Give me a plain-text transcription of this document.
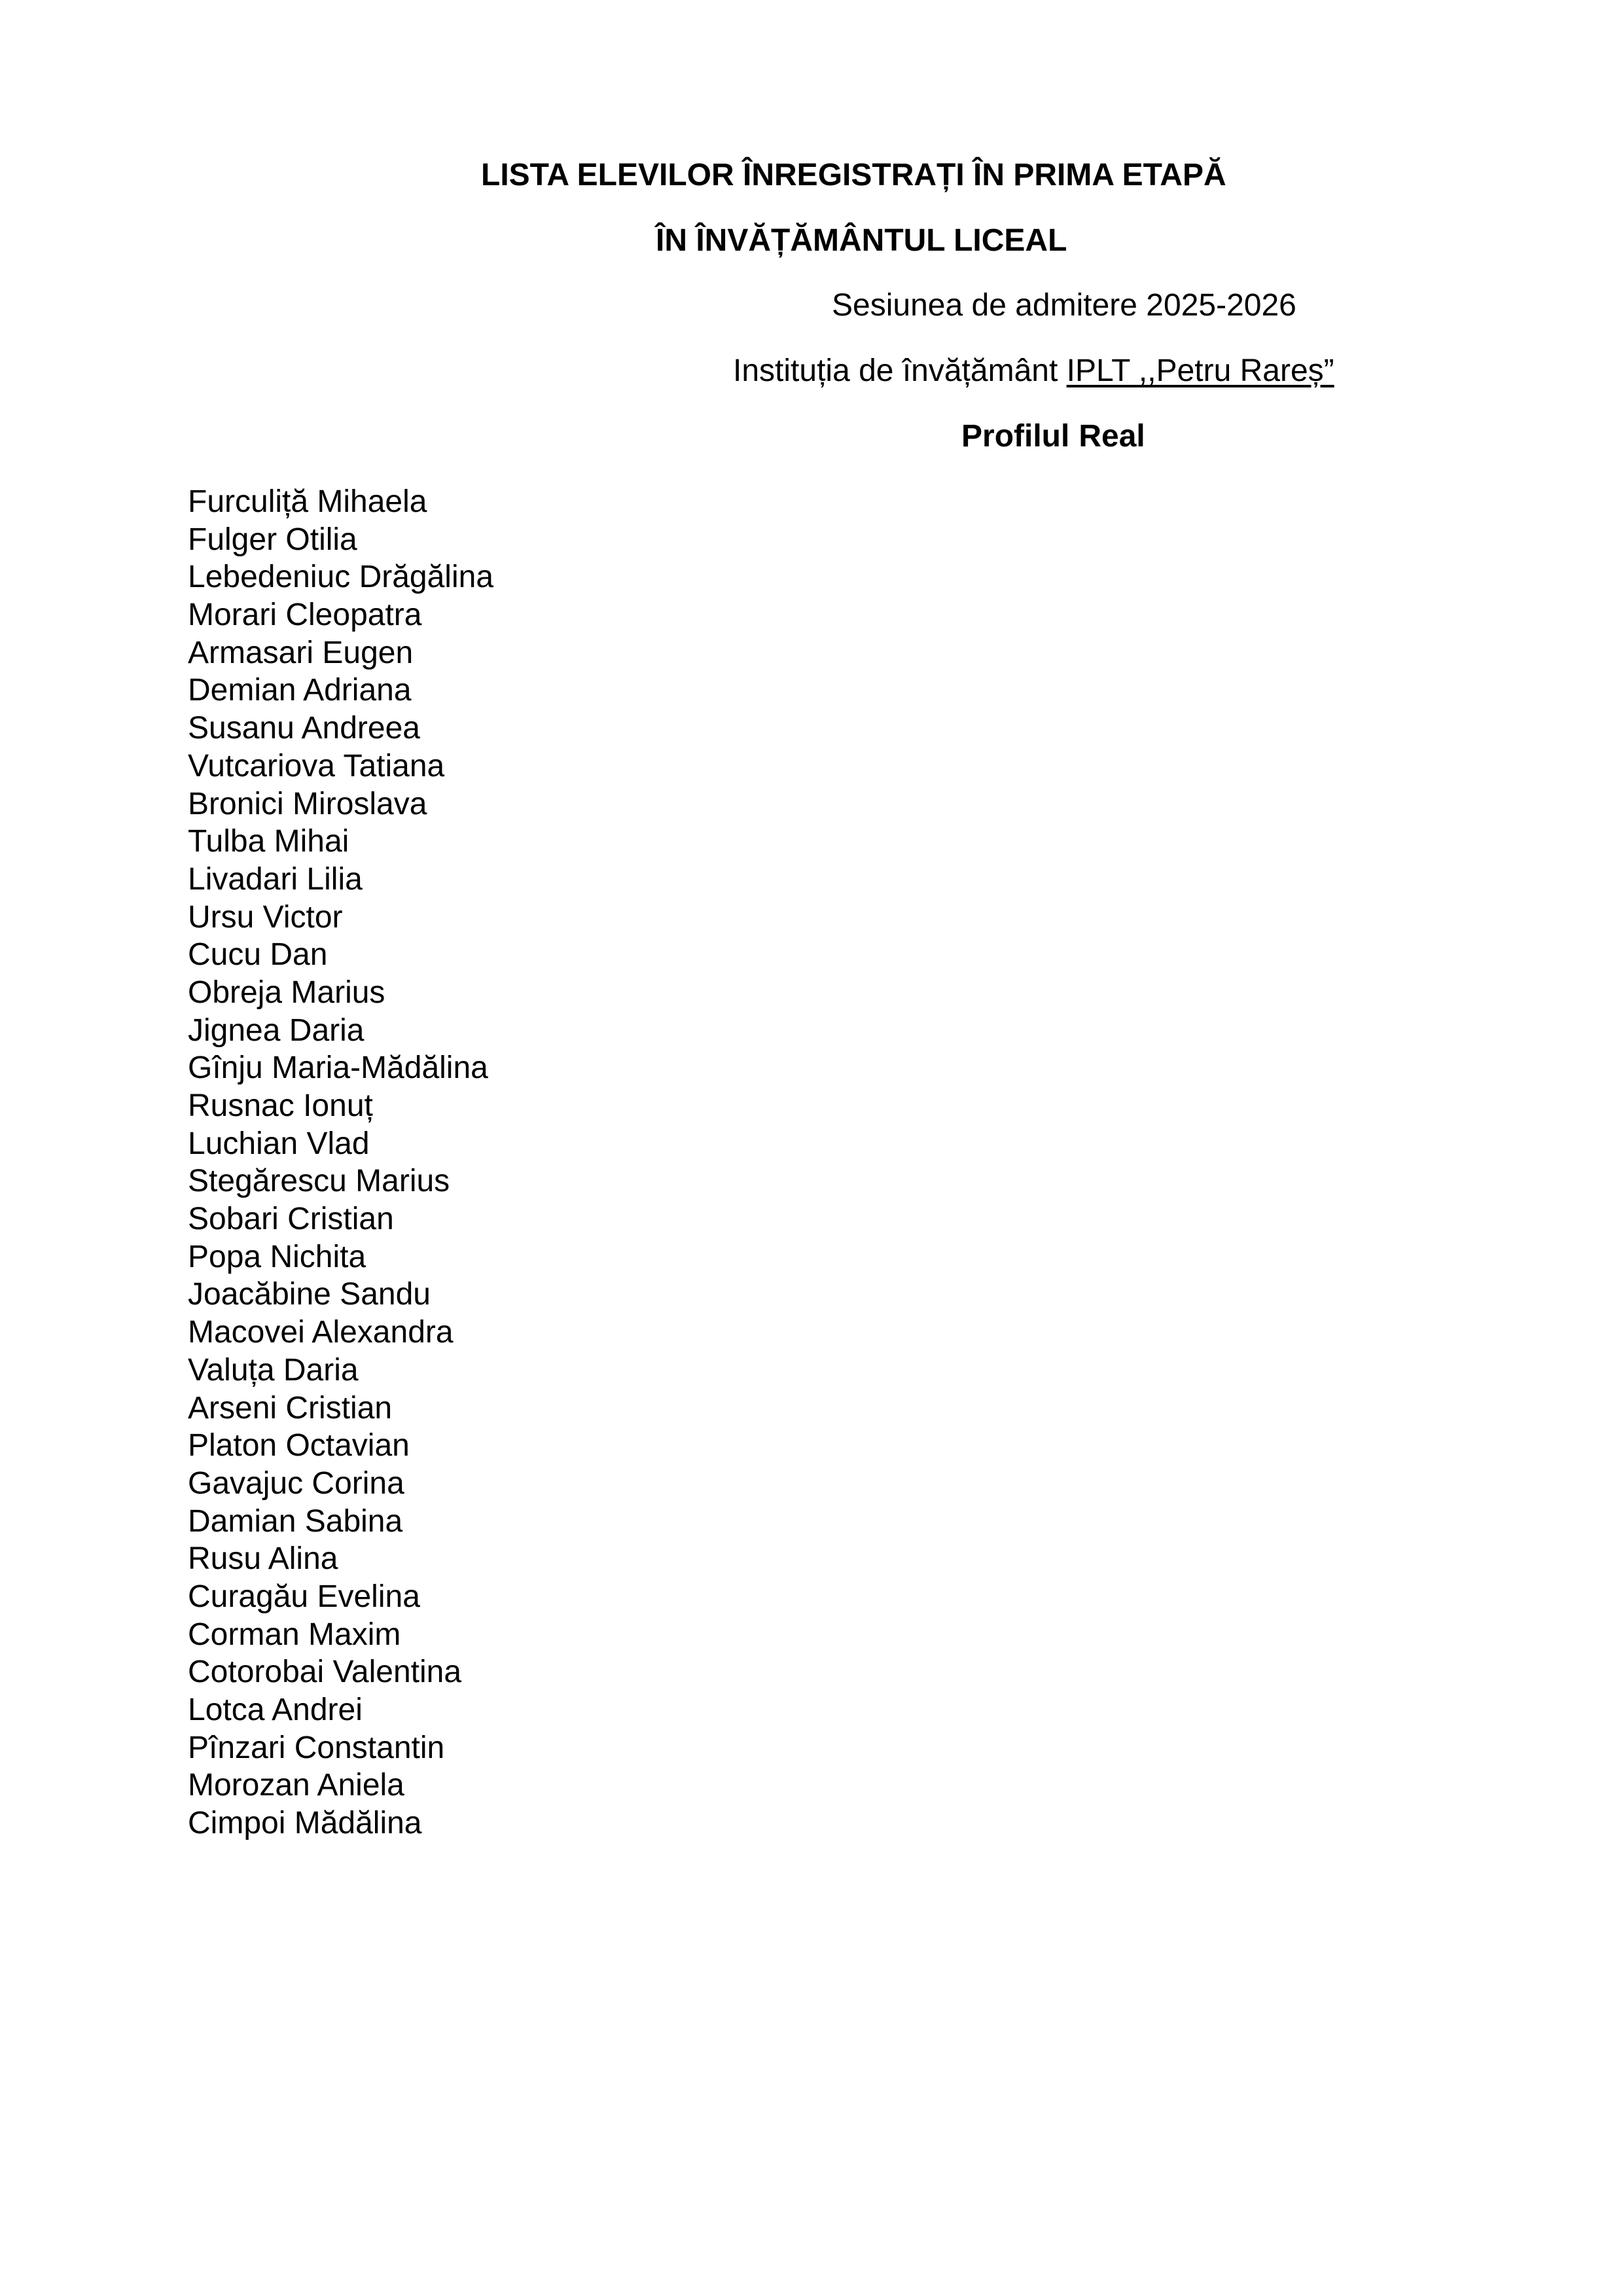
LISTA ELEVILOR ÎNREGISTRAȚI ÎN PRIMA ETAPĂ
ÎN ÎNVĂȚĂMÂNTUL LICEAL
Sesiunea de admitere 2025-2026
Instituția de învățământ IPLT ,,Petru Rareș”
Profilul Real
Furculiță Mihaela
Fulger Otilia
Lebedeniuc Drăgălina
Morari Cleopatra
Armasari Eugen
Demian Adriana
Susanu Andreea
Vutcariova Tatiana
Bronici Miroslava
Tulba Mihai
Livadari Lilia
Ursu Victor
Cucu Dan
Obreja Marius
Jignea Daria
Gînju Maria-Mădălina
Rusnac Ionuț
Luchian Vlad
Stegărescu Marius
Sobari Cristian
Popa Nichita
Joacăbine Sandu
Macovei Alexandra
Valuța Daria
Arseni Cristian
Platon Octavian
Gavajuc Corina
Damian Sabina
Rusu Alina
Curagău Evelina
Corman Maxim
Cotorobai Valentina
Lotca Andrei
Pînzari Constantin
Morozan Aniela
Cimpoi Mădălina
